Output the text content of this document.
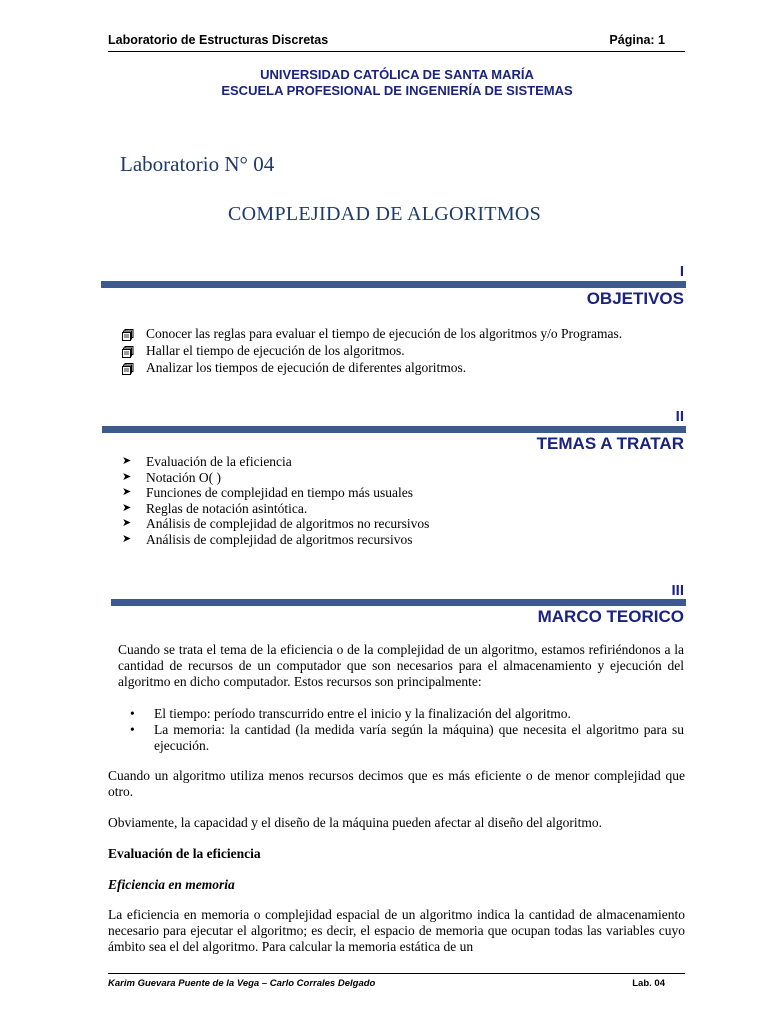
Laboratorio de Estructuras Discretas	Página: 1
UNIVERSIDAD CATÓLICA DE SANTA MARÍA
ESCUELA PROFESIONAL DE INGENIERÍA DE SISTEMAS
Laboratorio N° 04
COMPLEJIDAD DE ALGORITMOS
I
OBJETIVOS
Conocer las reglas para evaluar el tiempo de ejecución de los algoritmos y/o Programas.
Hallar el tiempo de ejecución de los algoritmos.
Analizar los tiempos de ejecución de diferentes algoritmos.
II
TEMAS A TRATAR
➤ Evaluación de la eficiencia
➤ Notación O( )
➤ Funciones de complejidad en tiempo más usuales
➤ Reglas de notación asintótica.
➤ Análisis de complejidad de algoritmos no recursivos
➤ Análisis de complejidad de algoritmos recursivos
III
MARCO TEORICO
Cuando se trata el tema de la eficiencia o de la complejidad de un algoritmo, estamos refiriéndonos a la cantidad de recursos de un computador que son necesarios para el almacenamiento y ejecución del algoritmo en dicho computador. Estos recursos son principalmente:
•	El tiempo: período transcurrido entre el inicio y la finalización del algoritmo.
•	La memoria: la cantidad (la medida varía según la máquina) que necesita el algoritmo para su ejecución.
Cuando un algoritmo utiliza menos recursos decimos que es más eficiente o de menor complejidad que otro.
Obviamente, la capacidad y el diseño de la máquina pueden afectar al diseño del algoritmo.
Evaluación de la eficiencia
Eficiencia en memoria
La eficiencia en memoria o complejidad espacial de un algoritmo indica la cantidad de almacenamiento necesario para ejecutar el algoritmo; es decir, el espacio de memoria que ocupan todas las variables cuyo ámbito sea el del algoritmo. Para calcular la memoria estática de un
Karim Guevara Puente de la Vega – Carlo Corrales Delgado	Lab. 04
